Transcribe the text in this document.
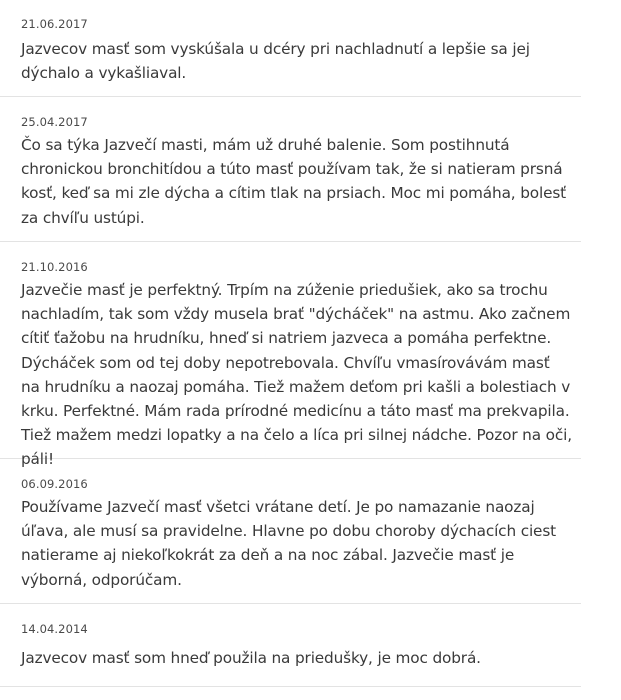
21.06.2017

Jazvecov masť som vyskúšala u dcéry pri nachladnutí a lepšie sa jej dýchalo a vykašliaval.

25.04.2017

Čo sa týka Jazvečí masti, mám už druhé balenie. Som postihnutá chronickou bronchitídou a túto masť používam tak, že si natieram prsná kosť, keď sa mi zle dýcha a cítim tlak na prsiach. Moc mi pomáha, bolesť za chvíľu ustúpi.

21.10.2016

Jazvečie masť je perfektný. Trpím na zúženie priedušiek, ako sa trochu nachladím, tak som vždy musela brať "dýcháček" na astmu. Ako začnem cítiť ťažobu na hrudníku, hneď si natriem jazveca a pomáha perfektne. Dýcháček som od tej doby nepotrebovala. Chvíľu vmasírovávám masť na hrudníku a naozaj pomáha. Tiež mažem deťom pri kašli a bolestiach v krku. Perfektné. Mám rada prírodné medicínu a táto masť ma prekvapila. Tiež mažem medzi lopatky a na čelo a líca pri silnej nádche. Pozor na oči, páli!

06.09.2016

Používame Jazvečí masť všetci vrátane detí. Je po namazanie naozaj úľava, ale musí sa pravidelne. Hlavne po dobu choroby dýchacích ciest natierame aj niekoľkokrát za deň a na noc zábal. Jazvečie masť je výborná, odporúčam.

14.04.2014

Jazvecov masť som hneď použila na priedušky, je moc dobrá.
